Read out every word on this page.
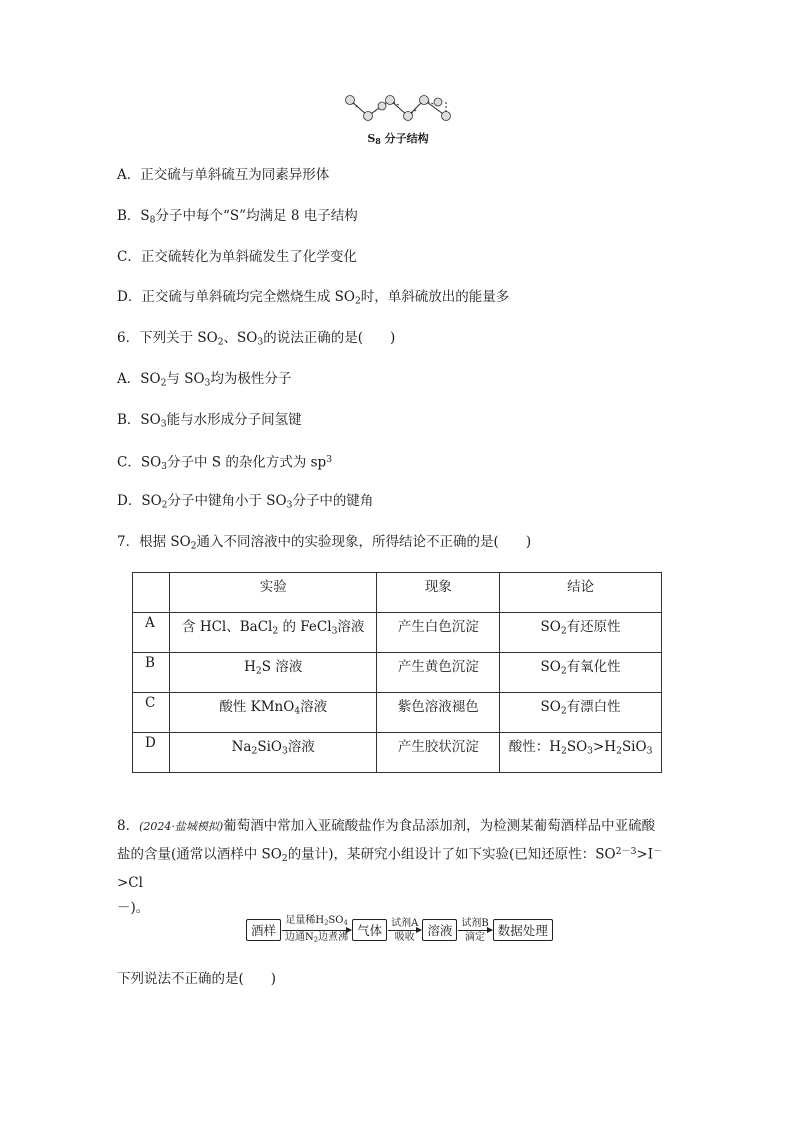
$S_8$ 分子结构
A．正交硫与单斜硫互为同素异形体
B．$S_8$分子中每个“S”均满足 8 电子结构
C．正交硫转化为单斜硫发生了化学变化
D．正交硫与单斜硫均完全燃烧生成 $SO_2$时，单斜硫放出的能量多
6．下列关于 $SO_2$、$SO_3$的说法正确的是(　　)
A．$SO_2$与 $SO_3$均为极性分子
B．$SO_3$能与水形成分子间氢键
C．$SO_3$分子中 S 的杂化方式为 $sp^3$
D．$SO_2$分子中键角小于 $SO_3$分子中的键角
7．根据 $SO_2$通入不同溶液中的实验现象，所得结论不正确的是(　　)
	实验	现象	结论
A	含 HCl、BaCl$_2$ 的 FeCl$_3$溶液	产生白色沉淀	$SO_2$有还原性
B	$H_2S$ 溶液	产生黄色沉淀	$SO_2$有氧化性
C	酸性 KMnO$_4$溶液	紫色溶液褪色	$SO_2$有漂白性
D	$Na_2SiO_3$溶液	产生胶状沉淀	酸性：$H_2SO_3>H_2SiO_3$
8．(2024·盐城模拟)葡萄酒中常加入亚硫酸盐作为食品添加剂，为检测某葡萄酒样品中亚硫酸
盐的含量(通常以酒样中 $SO_2$的量计)，某研究小组设计了如下实验(已知还原性：$SO^{2-3}>I^->Cl$
－)。
酒样
足量稀$H_2SO_4$
边通$N_2$边煮沸 气体 试剂A
吸收	溶液 试剂B
滴定	数据处理
下列说法不正确的是(　　)
